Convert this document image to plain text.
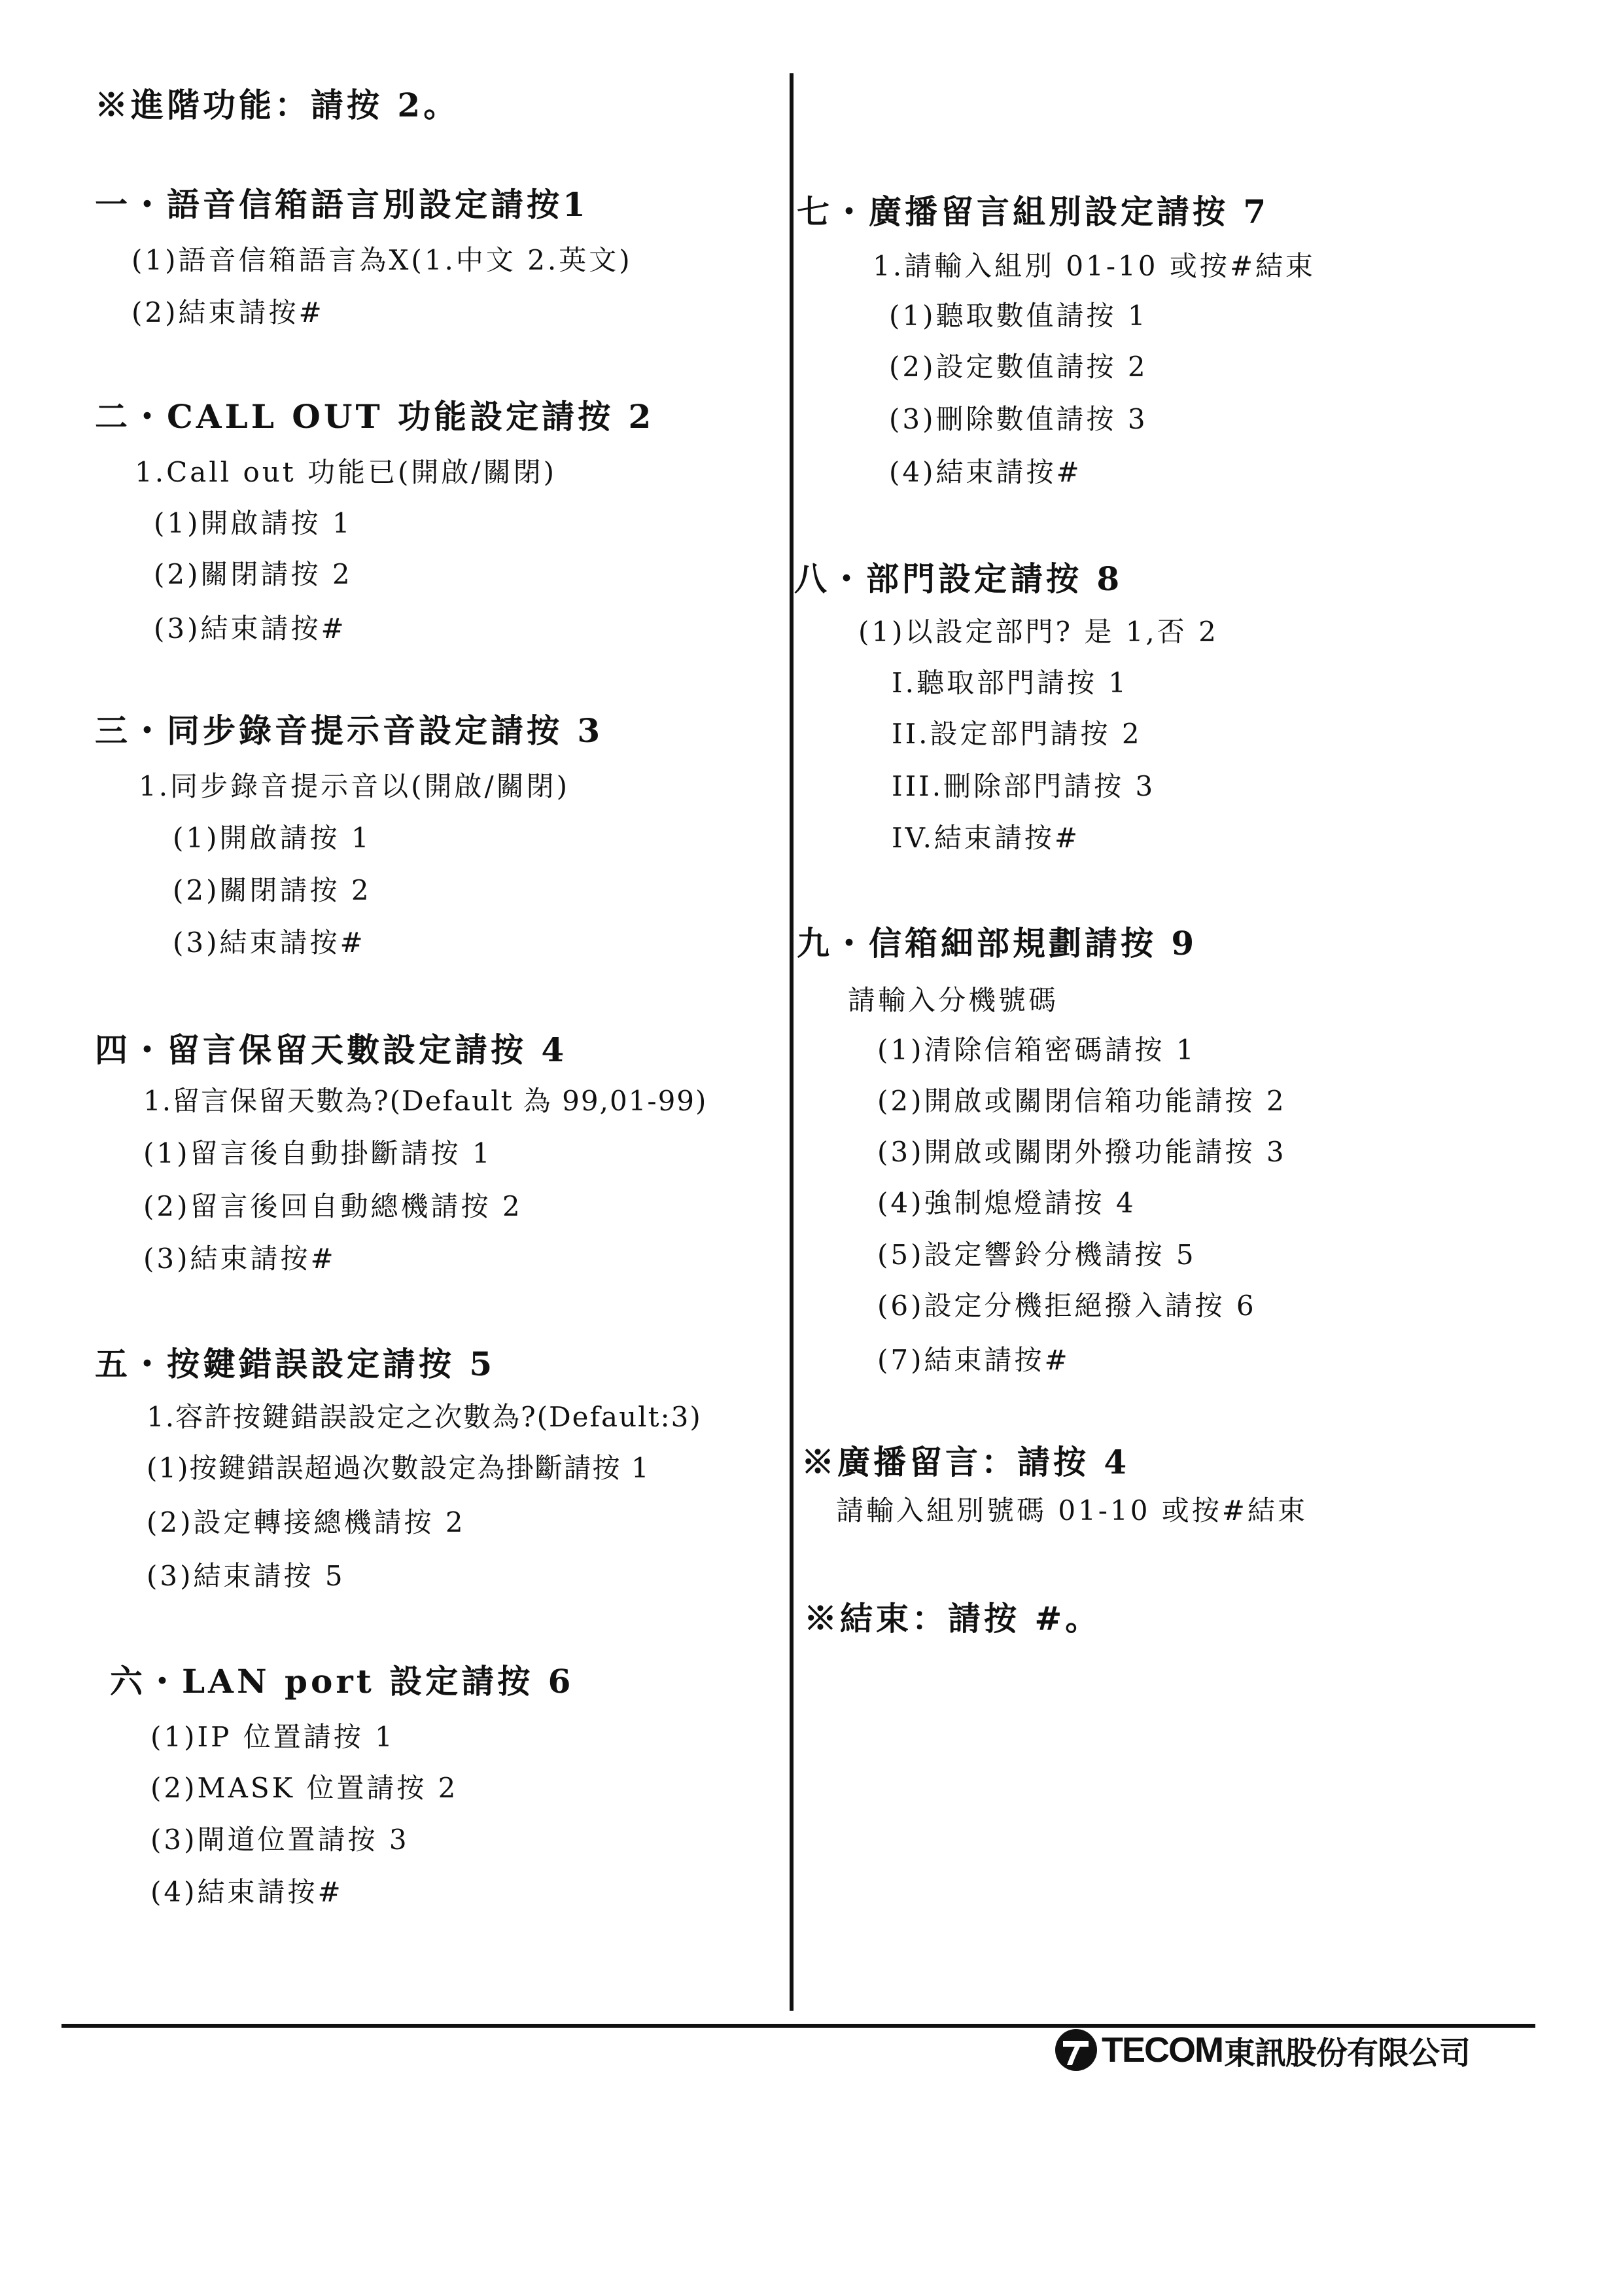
※進階功能：請按 2。
一・語音信箱語言別設定請按1
(1)語音信箱語言為X(1.中文 2.英文)
(2)結束請按#
二・CALL OUT 功能設定請按 2
1.Call out 功能已(開啟/關閉)
(1)開啟請按 1
(2)關閉請按 2
(3)結束請按#
三・同步錄音提示音設定請按 3
1.同步錄音提示音以(開啟/關閉)
(1)開啟請按 1
(2)關閉請按 2
(3)結束請按#
四・留言保留天數設定請按 4
1.留言保留天數為?(Default 為 99,01-99)
(1)留言後自動掛斷請按 1
(2)留言後回自動總機請按 2
(3)結束請按#
五・按鍵錯誤設定請按 5
1.容許按鍵錯誤設定之次數為?(Default:3)
(1)按鍵錯誤超過次數設定為掛斷請按 1
(2)設定轉接總機請按 2
(3)結束請按 5
六・LAN port 設定請按 6
(1)IP 位置請按 1
(2)MASK 位置請按 2
(3)閘道位置請按 3
(4)結束請按#
七・廣播留言組別設定請按 7
1.請輸入組別 01-10 或按#結束
(1)聽取數值請按 1
(2)設定數值請按 2
(3)刪除數值請按 3
(4)結束請按#
八・部門設定請按 8
(1)以設定部門? 是 1,否 2
I.聽取部門請按 1
II.設定部門請按 2
III.刪除部門請按 3
IV.結束請按#
九・信箱細部規劃請按 9
請輸入分機號碼
(1)清除信箱密碼請按 1
(2)開啟或關閉信箱功能請按 2
(3)開啟或關閉外撥功能請按 3
(4)強制熄燈請按 4
(5)設定響鈴分機請按 5
(6)設定分機拒絕撥入請按 6
(7)結束請按#
※廣播留言：請按 4
請輸入組別號碼 01-10 或按#結束
※結束：請按 #。
TECOM 東訊股份有限公司
